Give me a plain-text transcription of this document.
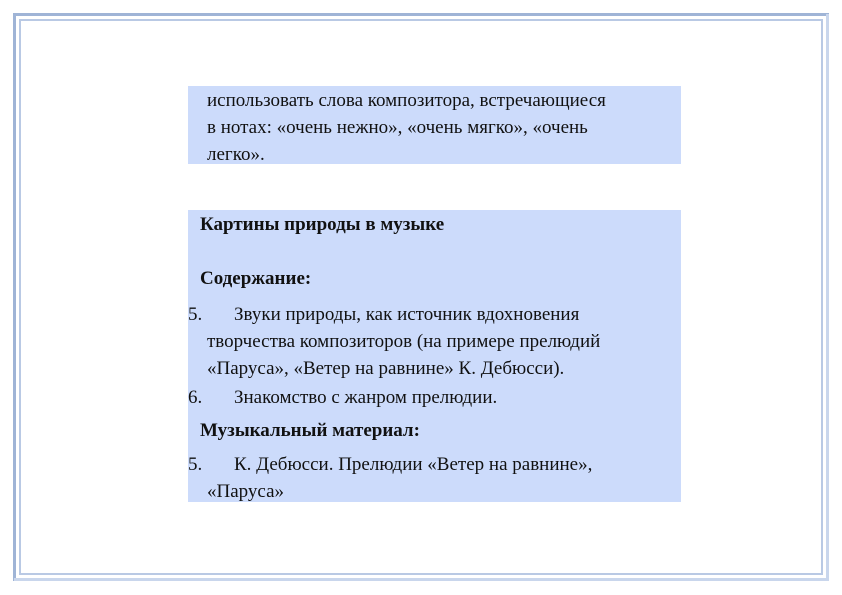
использовать слова композитора, встречающиеся
в нотах: «очень нежно», «очень мягко», «очень
легко».
Картины природы в музыке
Содержание:
5. Звуки природы, как источник вдохновения
творчества композиторов (на примере прелюдий
«Паруса», «Ветер на равнине» К. Дебюсси).
6. Знакомство с жанром прелюдии.
Музыкальный материал:
5. К. Дебюсси. Прелюдии «Ветер на равнине»,
«Паруса»
